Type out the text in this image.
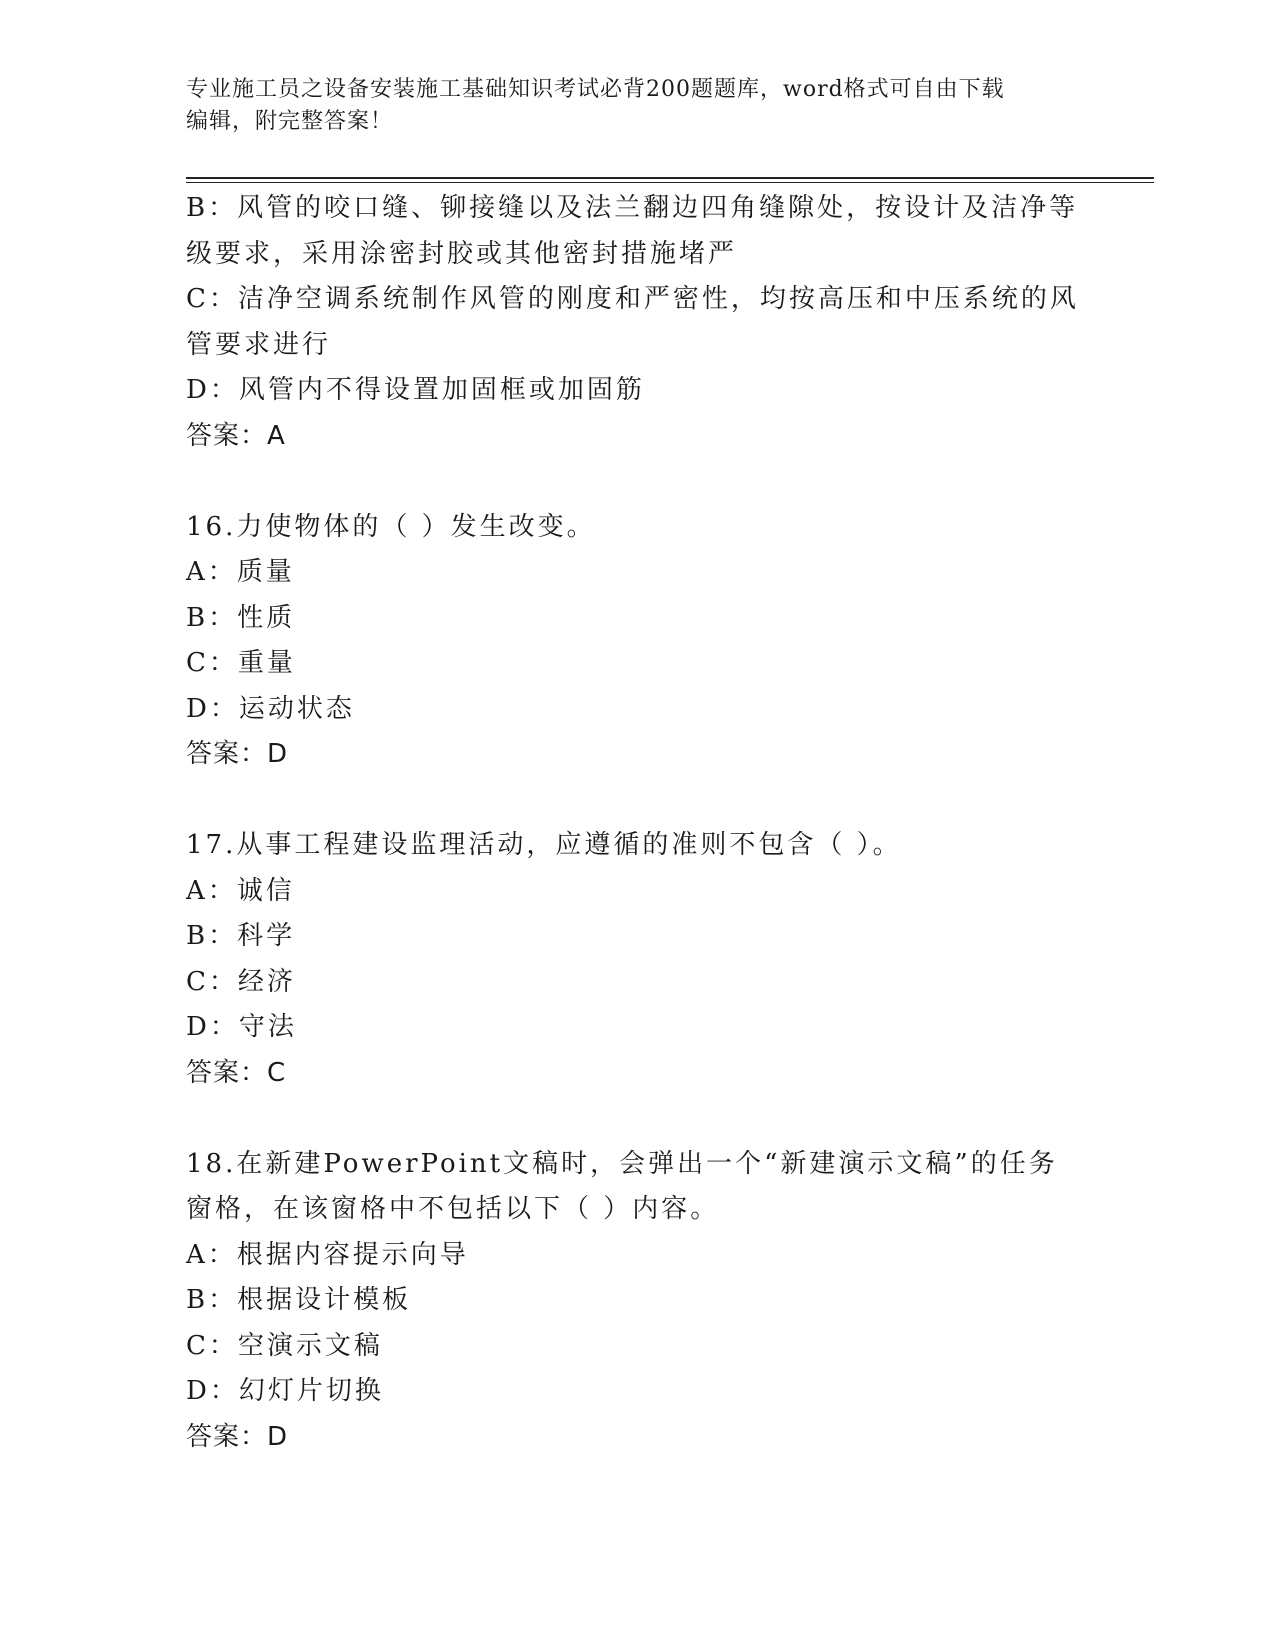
专业施工员之设备安装施工基础知识考试必背200题题库，word格式可自由下载
编辑，附完整答案！
B：风管的咬口缝、铆接缝以及法兰翻边四角缝隙处，按设计及洁净等
级要求，采用涂密封胶或其他密封措施堵严
C：洁净空调系统制作风管的刚度和严密性，均按高压和中压系统的风
管要求进行
D：风管内不得设置加固框或加固筋
答案：A
16.力使物体的（ ）发生改变。
A：质量
B：性质
C：重量
D：运动状态
答案：D
17.从事工程建设监理活动，应遵循的准则不包含（ ）。
A：诚信
B：科学
C：经济
D：守法
答案：C
18.在新建PowerPoint文稿时，会弹出一个“新建演示文稿”的任务
窗格，在该窗格中不包括以下（ ）内容。
A：根据内容提示向导
B：根据设计模板
C：空演示文稿
D：幻灯片切换
答案：D
